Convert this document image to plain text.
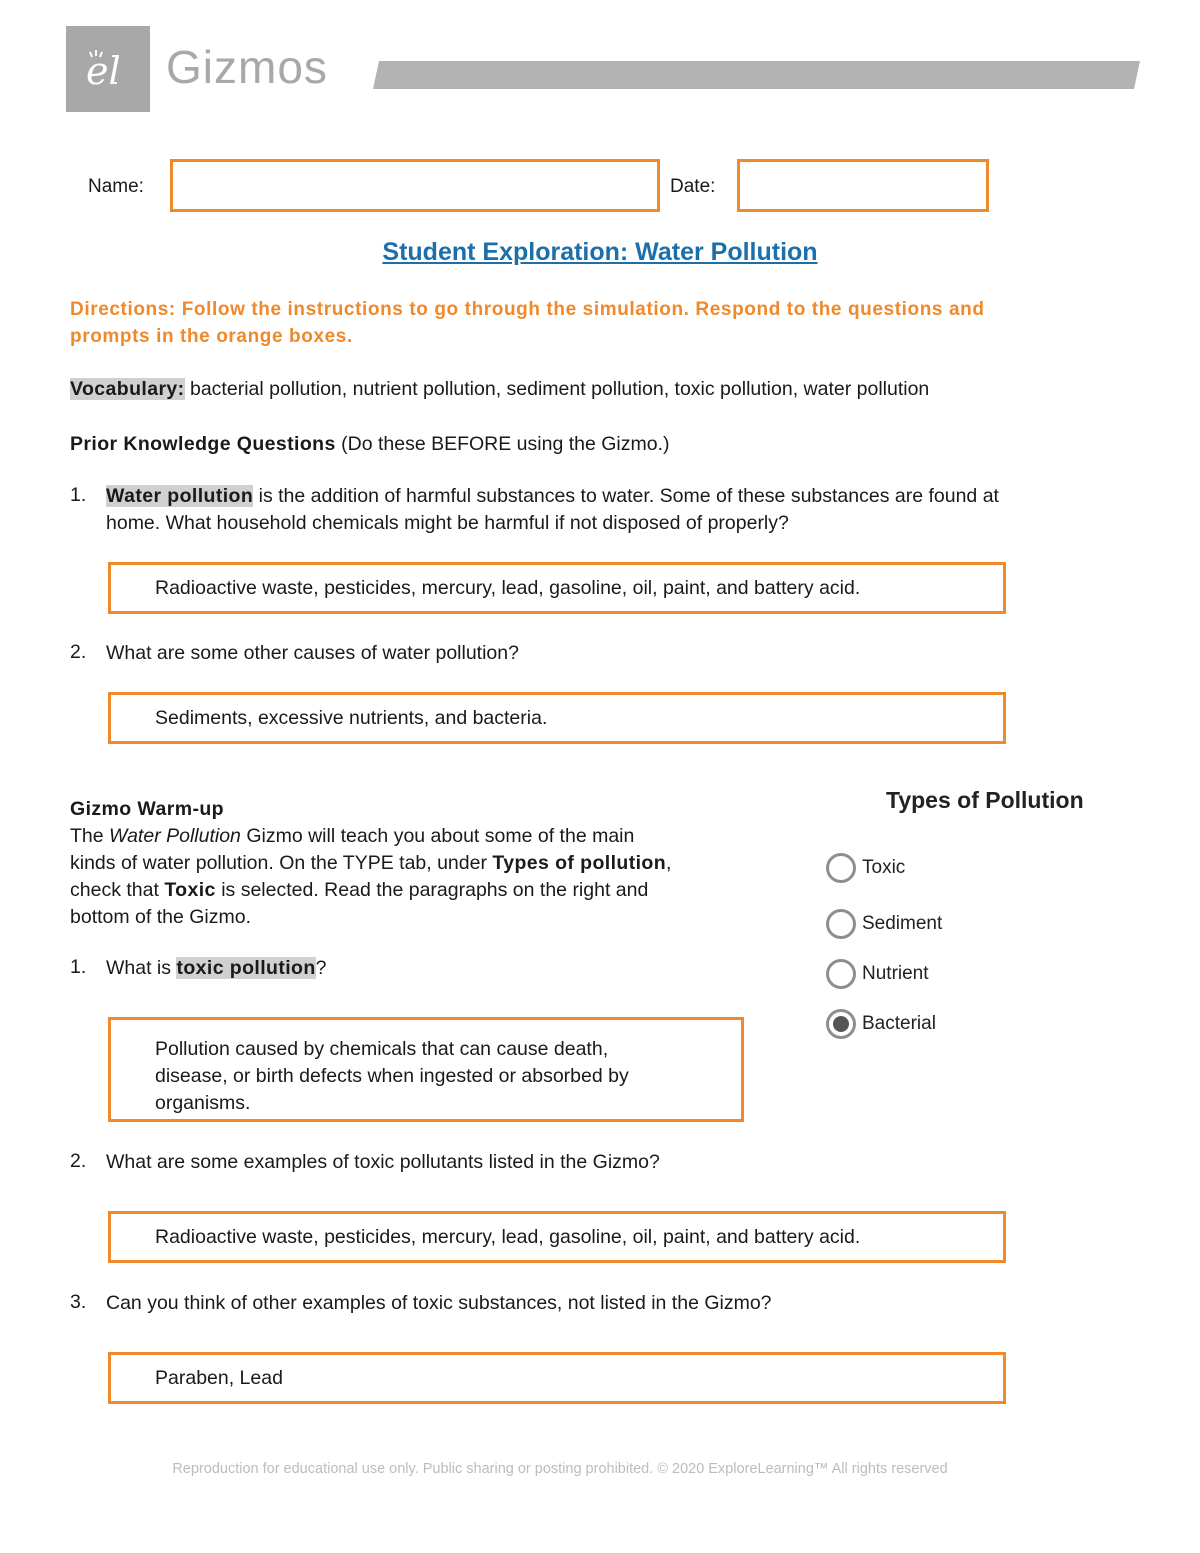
el Gizmos
Name:	Date:
Student Exploration: Water Pollution
Directions: Follow the instructions to go through the simulation. Respond to the questions and prompts in the orange boxes.
Vocabulary: bacterial pollution, nutrient pollution, sediment pollution, toxic pollution, water pollution
Prior Knowledge Questions (Do these BEFORE using the Gizmo.)
1. Water pollution is the addition of harmful substances to water. Some of these substances are found at
home. What household chemicals might be harmful if not disposed of properly?
Radioactive waste, pesticides, mercury, lead, gasoline, oil, paint, and battery acid.
2. What are some other causes of water pollution?
Sediments, excessive nutrients, and bacteria.
Gizmo Warm-up
The Water Pollution Gizmo will teach you about some of the main
kinds of water pollution. On the TYPE tab, under Types of pollution,
check that Toxic is selected. Read the paragraphs on the right and
bottom of the Gizmo.
1. What is toxic pollution?
Pollution caused by chemicals that can cause death,
disease, or birth defects when ingested or absorbed by
organisms.
2. What are some examples of toxic pollutants listed in the Gizmo?
Radioactive waste, pesticides, mercury, lead, gasoline, oil, paint, and battery acid.
3. Can you think of other examples of toxic substances, not listed in the Gizmo?
Paraben, Lead
Types of Pollution
Toxic
Sediment
Nutrient
Bacterial
Reproduction for educational use only. Public sharing or posting prohibited. © 2020 ExploreLearning™ All rights reserved
